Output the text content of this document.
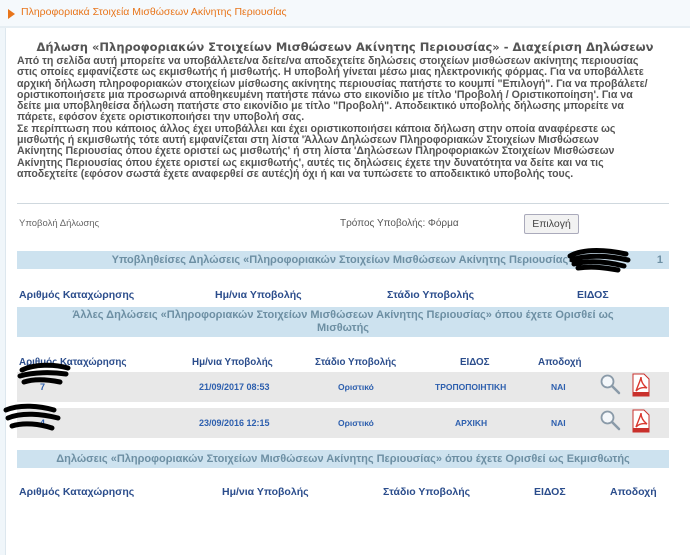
Πληροφοριακά Στοιχεία Μισθώσεων Ακίνητης Περιουσίας
Δήλωση «Πληροφοριακών Στοιχείων Μισθώσεων Ακίνητης Περιουσίας» - Διαχείριση Δηλώσεων

Από τη σελίδα αυτή μπορείτε να υποβάλλετε/να δείτε/να αποδεχτείτε δηλώσεις στοιχείων μισθώσεων ακίνητης περιουσίας

στις οποίες εμφανίζεστε ως εκμισθωτής ή μισθωτής. Η υποβολή γίνεται μέσω μιας ηλεκτρονικής φόρμας. Για να υποβάλλετε

αρχική δήλωση πληροφοριακών στοιχείων μίσθωσης ακίνητης περιουσίας πατήστε το κουμπί "Επιλογή". Για να προβάλετε/

οριστικοποιήσετε μια προσωρινά αποθηκευμένη πατήστε πάνω στο εικονίδιο με τίτλο 'Προβολή / Οριστικοποίηση'. Για να

δείτε μια υποβληθείσα δήλωση πατήστε στο εικονίδιο με τίτλο "Προβολή". Αποδεικτικό υποβολής δήλωσης μπορείτε να

πάρετε, εφόσον έχετε οριστικοποιήσει την υποβολή σας.

Σε περίπτωση που κάποιος άλλος έχει υποβάλλει και έχει οριστικοποιήσει κάποια δήλωση στην οποία αναφέρεστε ως

μισθωτής ή εκμισθωτής τότε αυτή εμφανίζεται στη λίστα 'Άλλων Δηλώσεων Πληροφοριακών Στοιχείων Μισθώσεων

Ακίνητης Περιουσίας όπου έχετε οριστεί ως μισθωτής' ή στη λίστα 'Δηλώσεων Πληροφοριακών Στοιχείων Μισθώσεων

Ακίνητης Περιουσίας όπου έχετε οριστεί ως εκμισθωτής', αυτές τις δηλώσεις έχετε την δυνατότητα να δείτε και να τις

αποδεχτείτε (εφόσον σωστά έχετε αναφερθεί σε αυτές)ή όχι ή και να τυπώσετε το αποδεικτικό υποβολής τους.

Υποβολή Δήλωσης	Τρόπος Υποβολής: Φόρμα	Επιλογή
Υποβληθείσες Δηλώσεις «Πληροφοριακών Στοιχείων Μισθώσεων Ακίνητης Περιουσίας»	1
Αριθμός Καταχώρησης	Ημ/νια Υποβολής	Στάδιο Υποβολής	ΕΙΔΟΣ
Άλλες Δηλώσεις «Πληροφοριακών Στοιχείων Μισθώσεων Ακίνητης Περιουσίας» όπου έχετε Ορισθεί ως
Μισθωτής
Αριθμός Καταχώρησης	Ημ/νια Υποβολής	Στάδιο Υποβολής	ΕΙΔΟΣ	Αποδοχή
7	21/09/2017 08:53	Οριστικό	ΤΡΟΠΟΠΟΙΗΤΙΚΗ	ΝΑΙ
4	23/09/2016 12:15	Οριστικό	ΑΡΧΙΚΗ	ΝΑΙ
Δηλώσεις «Πληροφοριακών Στοιχείων Μισθώσεων Ακίνητης Περιουσίας» όπου έχετε Ορισθεί ως Εκμισθωτής
Αριθμός Καταχώρησης	Ημ/νια Υποβολής	Στάδιο Υποβολής	ΕΙΔΟΣ	Αποδοχή
